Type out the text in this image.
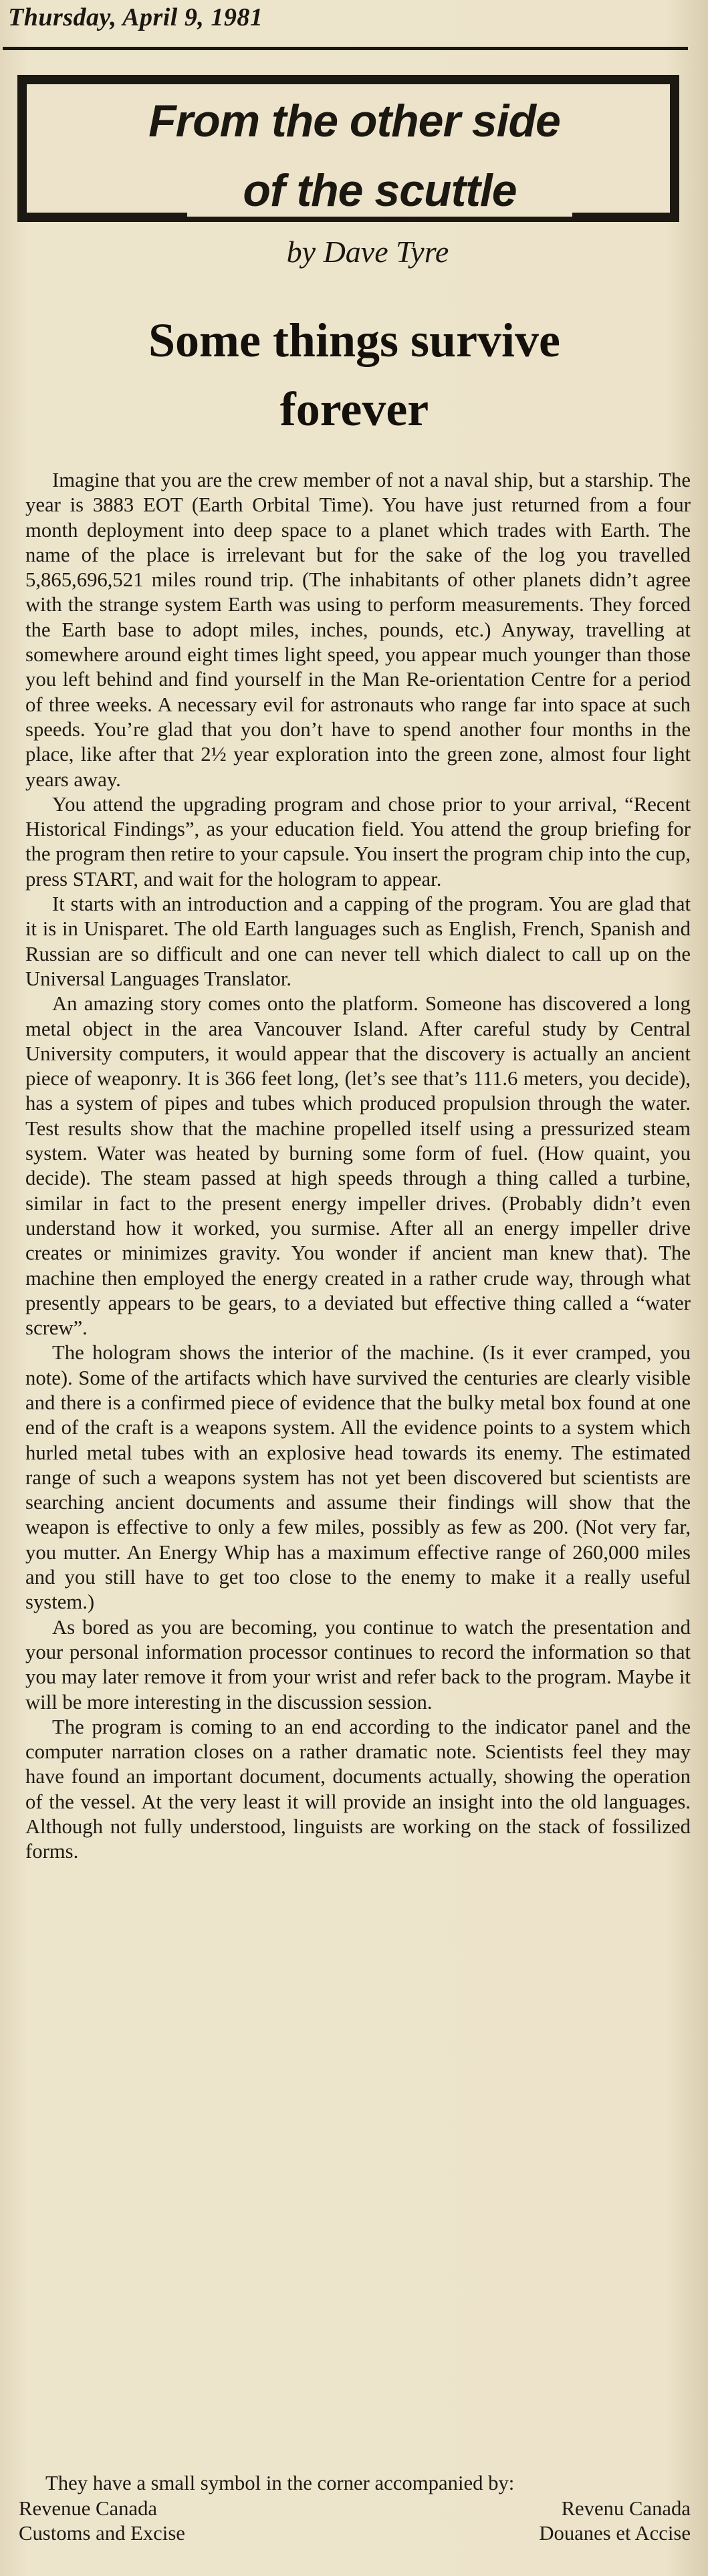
Thursday, April 9, 1981
From the other side
of the scuttle
by Dave Tyre
Some things survive
forever

Imagine that you are the crew member of not a naval ship, but a starship. The year is 3883 EOT (Earth Orbital Time). You have just returned from a four month deployment into deep space to a planet which trades with Earth. The name of the place is irrelevant but for the sake of the log you travelled 5,865,696,521 miles round trip. (The inhabitants of other planets didn’t agree with the strange system Earth was using to perform measurements. They forced the Earth base to adopt miles, inches, pounds, etc.) Anyway, travelling at somewhere around eight times light speed, you appear much younger than those you left behind and find yourself in the Man Re-orientation Centre for a period of three weeks. A necessary evil for astronauts who range far into space at such speeds. You’re glad that you don’t have to spend another four months in the place, like after that 2½ year exploration into the green zone, almost four light years away.

You attend the upgrading program and chose prior to your arrival, “Recent Historical Findings”, as your education field. You attend the group briefing for the program then retire to your capsule. You insert the program chip into the cup, press START, and wait for the hologram to appear.

It starts with an introduction and a capping of the program. You are glad that it is in Unisparet. The old Earth languages such as English, French, Spanish and Russian are so difficult and one can never tell which dialect to call up on the Universal Languages Translator.

An amazing story comes onto the platform. Someone has discovered a long metal object in the area Vancouver Island. After careful study by Central University computers, it would appear that the discovery is actually an ancient piece of weaponry. It is 366 feet long, (let’s see that’s 111.6 meters, you decide), has a system of pipes and tubes which produced propulsion through the water. Test results show that the machine propelled itself using a pressurized steam system. Water was heated by burning some form of fuel. (How quaint, you decide). The steam passed at high speeds through a thing called a turbine, similar in fact to the present energy impeller drives. (Probably didn’t even understand how it worked, you surmise. After all an energy impeller drive creates or minimizes gravity. You wonder if ancient man knew that). The machine then employed the energy created in a rather crude way, through what presently appears to be gears, to a deviated but effective thing called a “water screw”.

The hologram shows the interior of the machine. (Is it ever cramped, you note). Some of the artifacts which have survived the centuries are clearly visible and there is a confirmed piece of evidence that the bulky metal box found at one end of the craft is a weapons system. All the evidence points to a system which hurled metal tubes with an explosive head towards its enemy. The estimated range of such a weapons system has not yet been discovered but scientists are searching ancient documents and assume their findings will show that the weapon is effective to only a few miles, possibly as few as 200. (Not very far, you mutter. An Energy Whip has a maximum effective range of 260,000 miles and you still have to get too close to the enemy to make it a really useful system.)

As bored as you are becoming, you continue to watch the presentation and your personal information processor continues to record the information so that you may later remove it from your wrist and refer back to the program. Maybe it will be more interesting in the discussion session.

The program is coming to an end according to the indicator panel and the computer narration closes on a rather dramatic note. Scientists feel they may have found an important document, documents actually, showing the operation of the vessel. At the very least it will provide an insight into the old languages. Although not fully understood, linguists are working on the stack of fossilized forms.

They have a small symbol in the corner accompanied by:
Revenue Canada	Revenu Canada
Customs and Excise	Douanes et Accise
